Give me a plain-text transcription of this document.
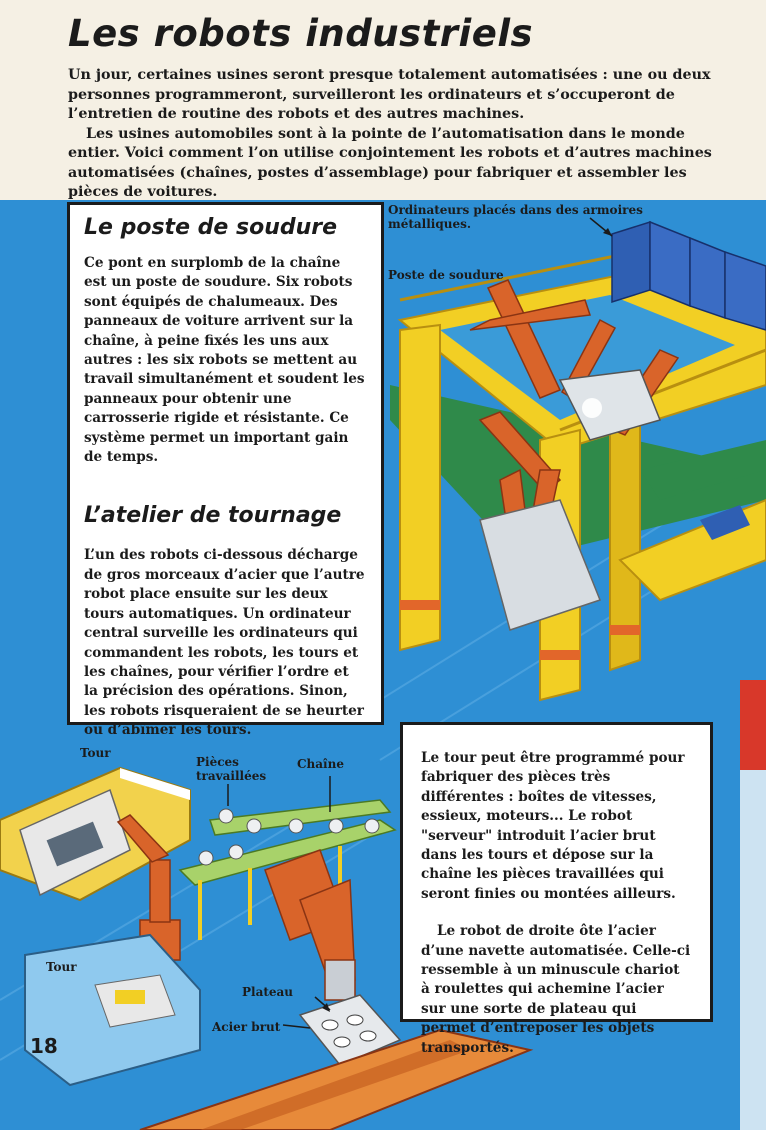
Les robots industriels

Un jour, certaines usines seront presque totalement automatisées : une ou deux personnes programmeront, surveilleront les ordinateurs et s’occuperont de l’entretien de routine des robots et des autres machines.

Les usines automobiles sont à la pointe de l’automatisation dans le monde entier. Voici comment l’on utilise conjointement les robots et d’autres machines automatisées (chaînes, postes d’assemblage) pour fabriquer et assembler les pièces de voitures.

Le poste de soudure

Ce pont en surplomb de la chaîne est un poste de soudure. Six robots sont équipés de chalumeaux. Des panneaux de voiture arrivent sur la chaîne, à peine fixés les uns aux autres : les six robots se mettent au travail simultanément et soudent les panneaux pour obtenir une carrosserie rigide et résistante. Ce système permet un important gain de temps.

L’atelier de tournage

L’un des robots ci-dessous décharge de gros morceaux d’acier que l’autre robot place ensuite sur les deux tours automatiques. Un ordinateur central surveille les ordinateurs qui commandent les robots, les tours et les chaînes, pour vérifier l’ordre et la précision des opérations. Sinon, les robots risqueraient de se heurter ou d’abîmer les tours.

Le tour peut être programmé pour fabriquer des pièces très différentes : boîtes de vitesses, essieux, moteurs... Le robot "serveur" introduit l’acier brut dans les tours et dépose sur la chaîne les pièces travaillées qui seront finies ou montées ailleurs.

Le robot de droite ôte l’acier d’une navette automatisée. Celle-ci ressemble à un minuscule chariot à roulettes qui achemine l’acier sur une sorte de plateau qui permet d’entreposer les objets transportés.

Ordinateurs placés dans des armoires métalliques.
Poste de soudure
Tour
Pièces travaillées
Chaîne
Tour
Plateau
Acier brut
18
